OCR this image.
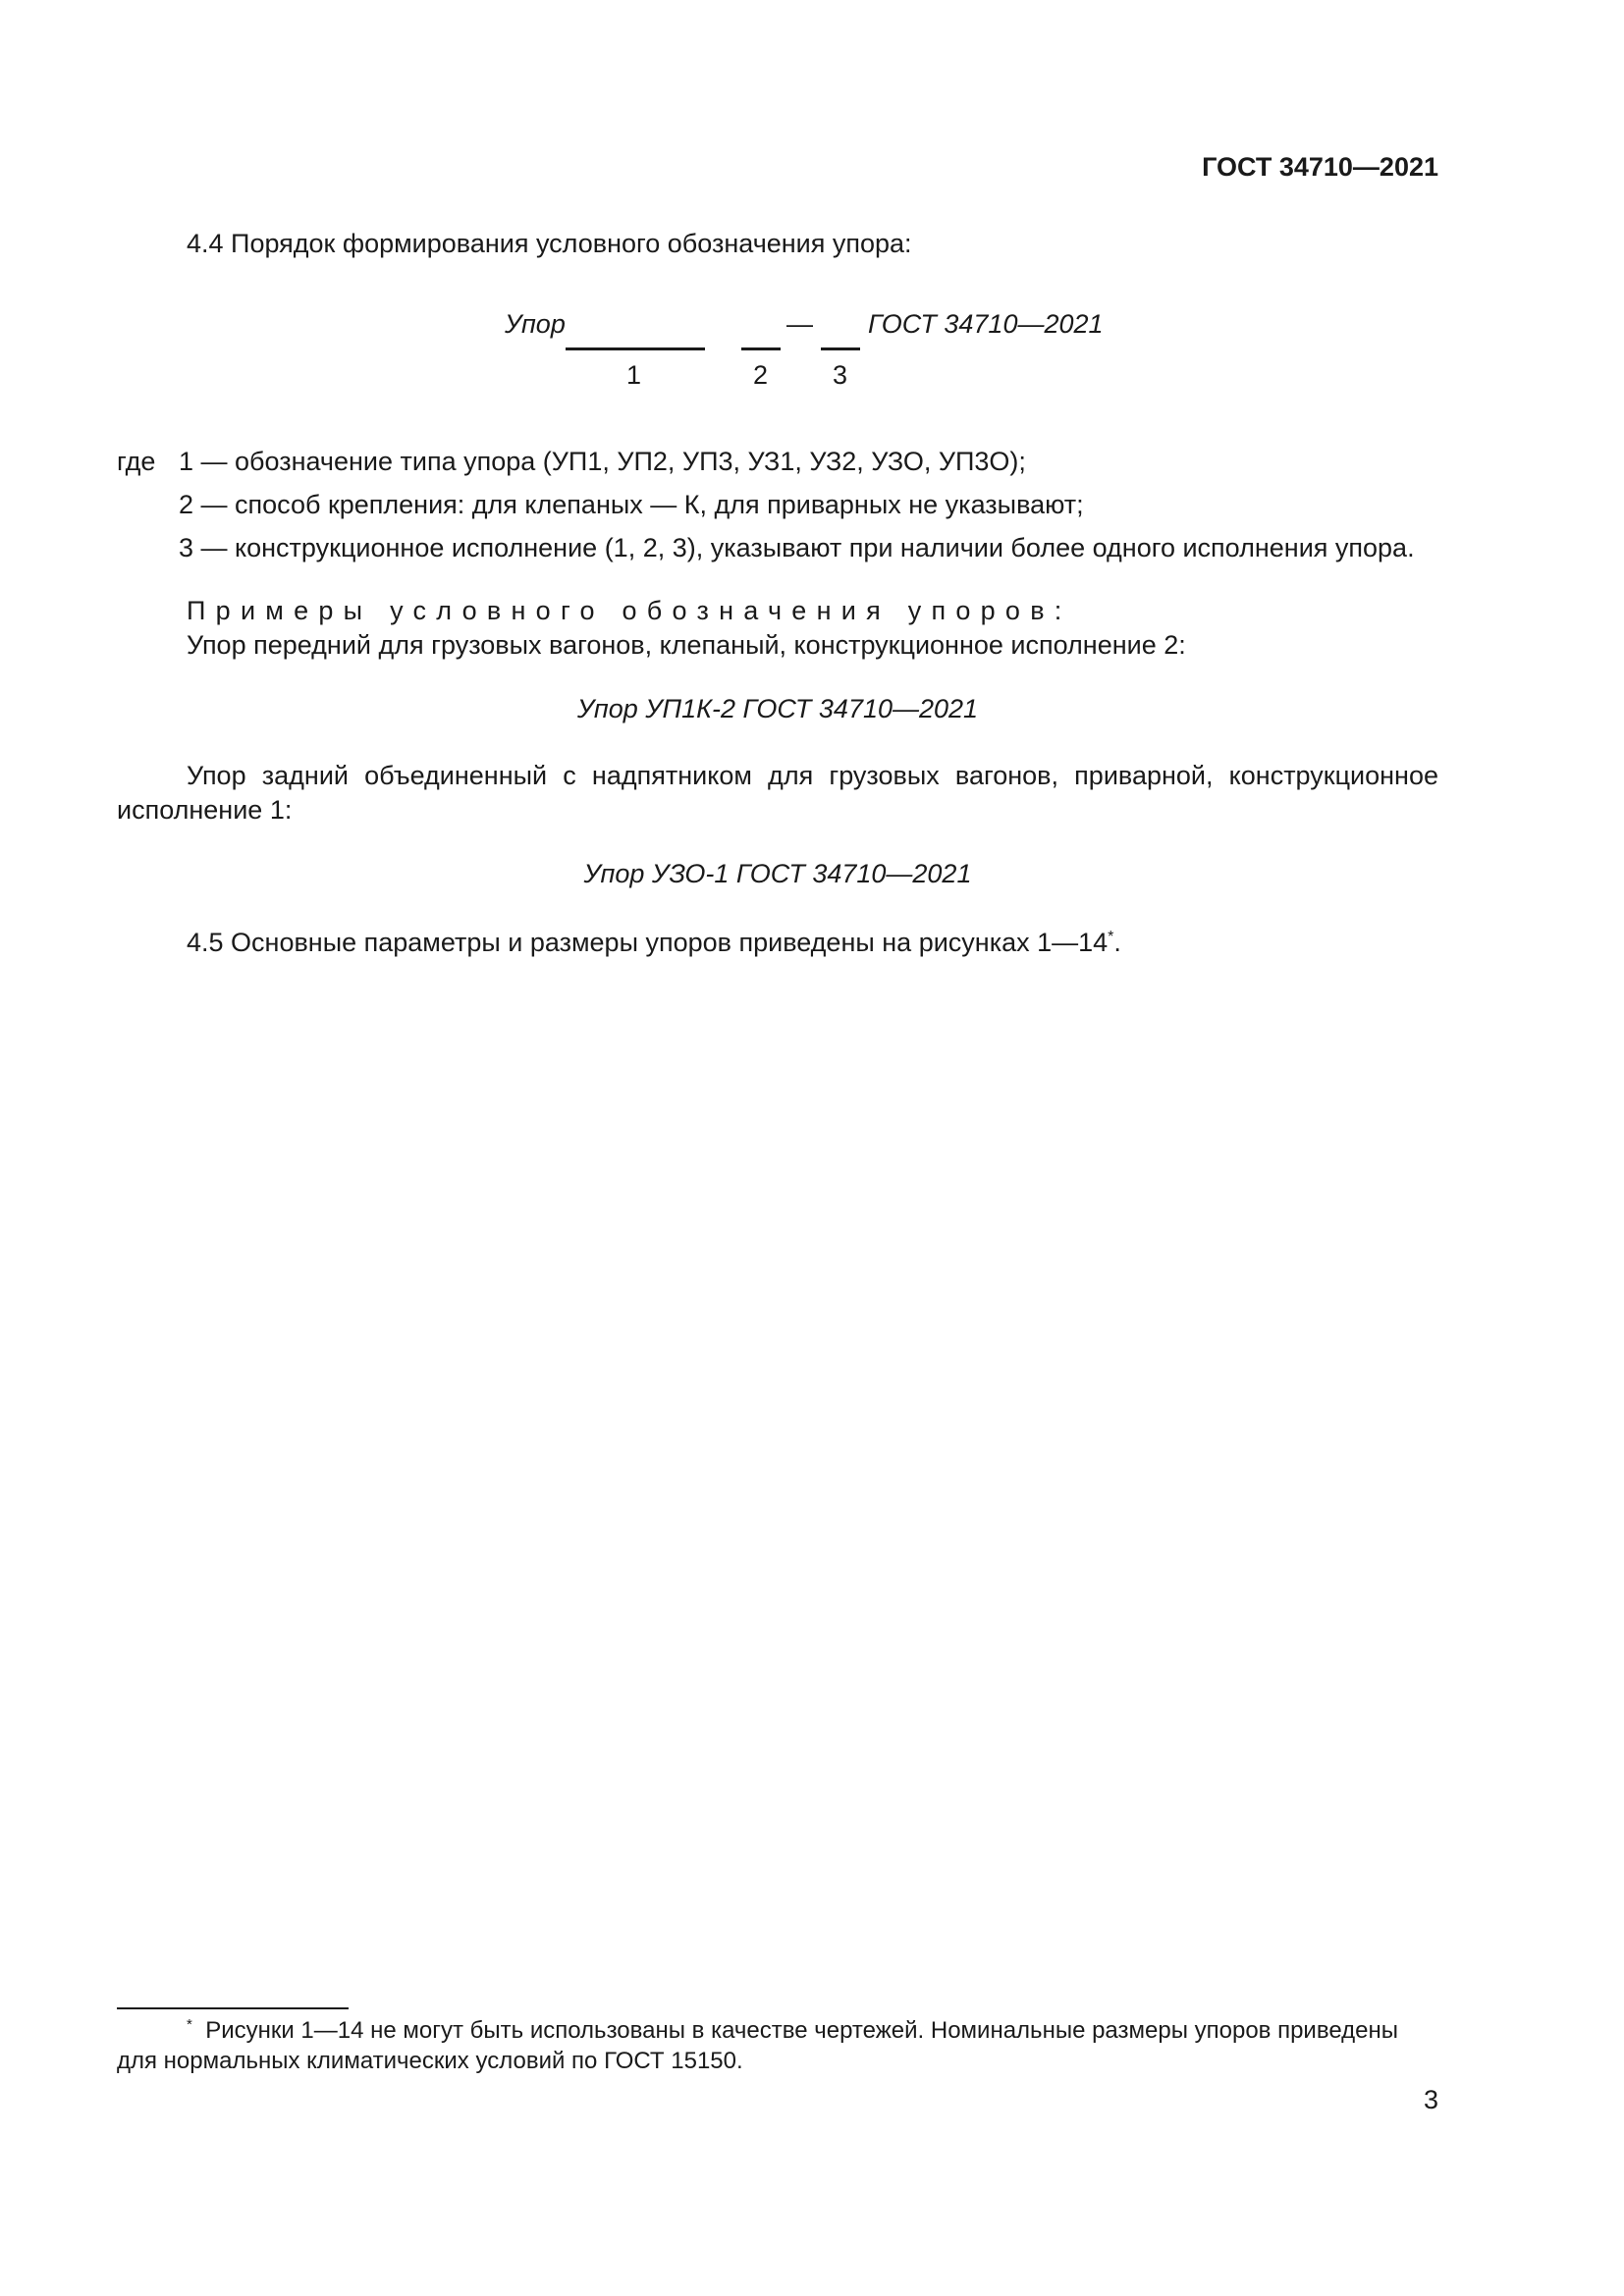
ГОСТ 34710—2021
4.4 Порядок формирования условного обозначения упора:
Упор	— ГОСТ 34710—2021
1	2 3
где 1 — обозначение типа упора (УП1, УП2, УП3, УЗ1, УЗ2, УЗО, УП3О);
2 — способ крепления: для клепаных — К, для приварных не указывают;
3 — конструкционное исполнение (1, 2, 3), указывают при наличии более одного исполнения упора.
Примеры условного обозначения упоров:
Упор передний для грузовых вагонов, клепаный, конструкционное исполнение 2:
Упор УП1К-2 ГОСТ 34710—2021
Упор задний объединенный с надпятником для грузовых вагонов, приварной, конструкционное
исполнение 1:
Упор УЗО-1 ГОСТ 34710—2021
4.5 Основные параметры и размеры упоров приведены на рисунках 1—14*.
* Рисунки 1—14 не могут быть использованы в качестве чертежей. Номинальные размеры упоров приведены
для нормальных климатических условий по ГОСТ 15150.
3
